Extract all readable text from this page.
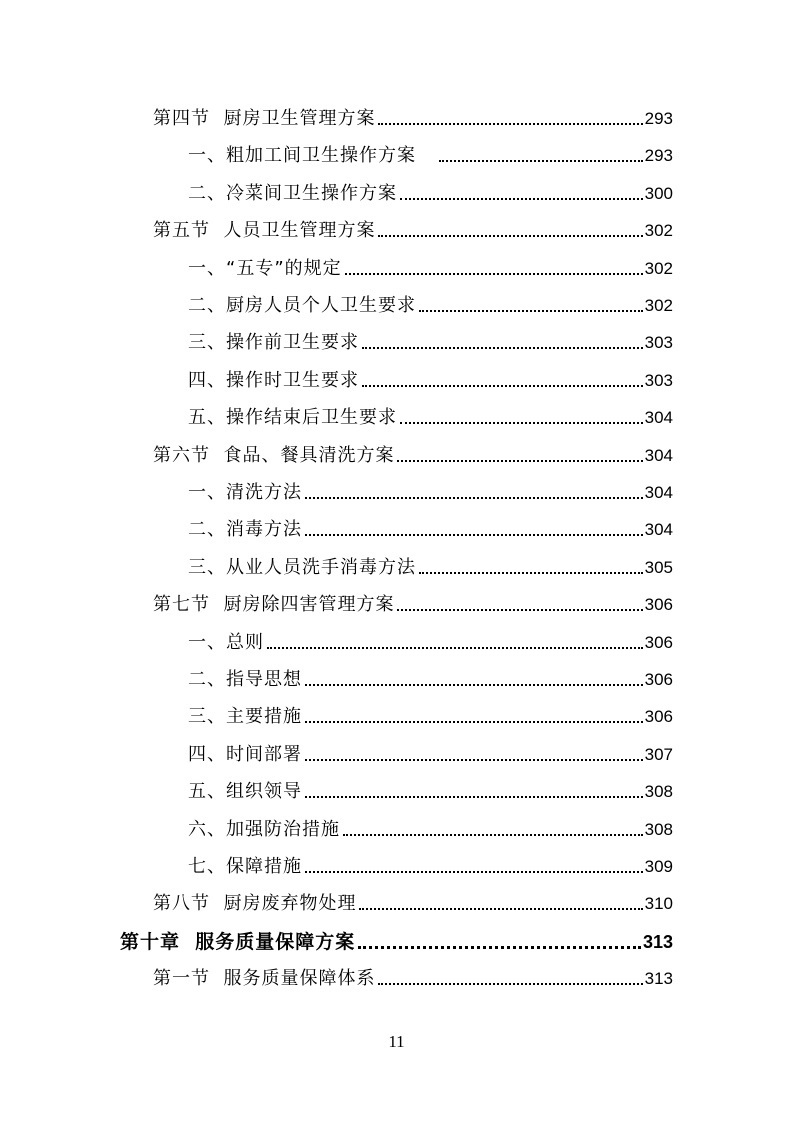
第四节  厨房卫生管理方案	293
一、粗加工间卫生操作方案	293
二、冷菜间卫生操作方案	300
第五节  人员卫生管理方案	302
一、“五专”的规定	302
二、厨房人员个人卫生要求	302
三、操作前卫生要求	303
四、操作时卫生要求	303
五、操作结束后卫生要求	304
第六节  食品、餐具清洗方案	304
一、清洗方法	304
二、消毒方法	304
三、从业人员洗手消毒方法	305
第七节  厨房除四害管理方案	306
一、总则	306
二、指导思想	306
三、主要措施	306
四、时间部署	307
五、组织领导	308
六、加强防治措施	308
七、保障措施	309
第八节  厨房废弃物处理	310
第十章  服务质量保障方案	313
第一节  服务质量保障体系	313
11
